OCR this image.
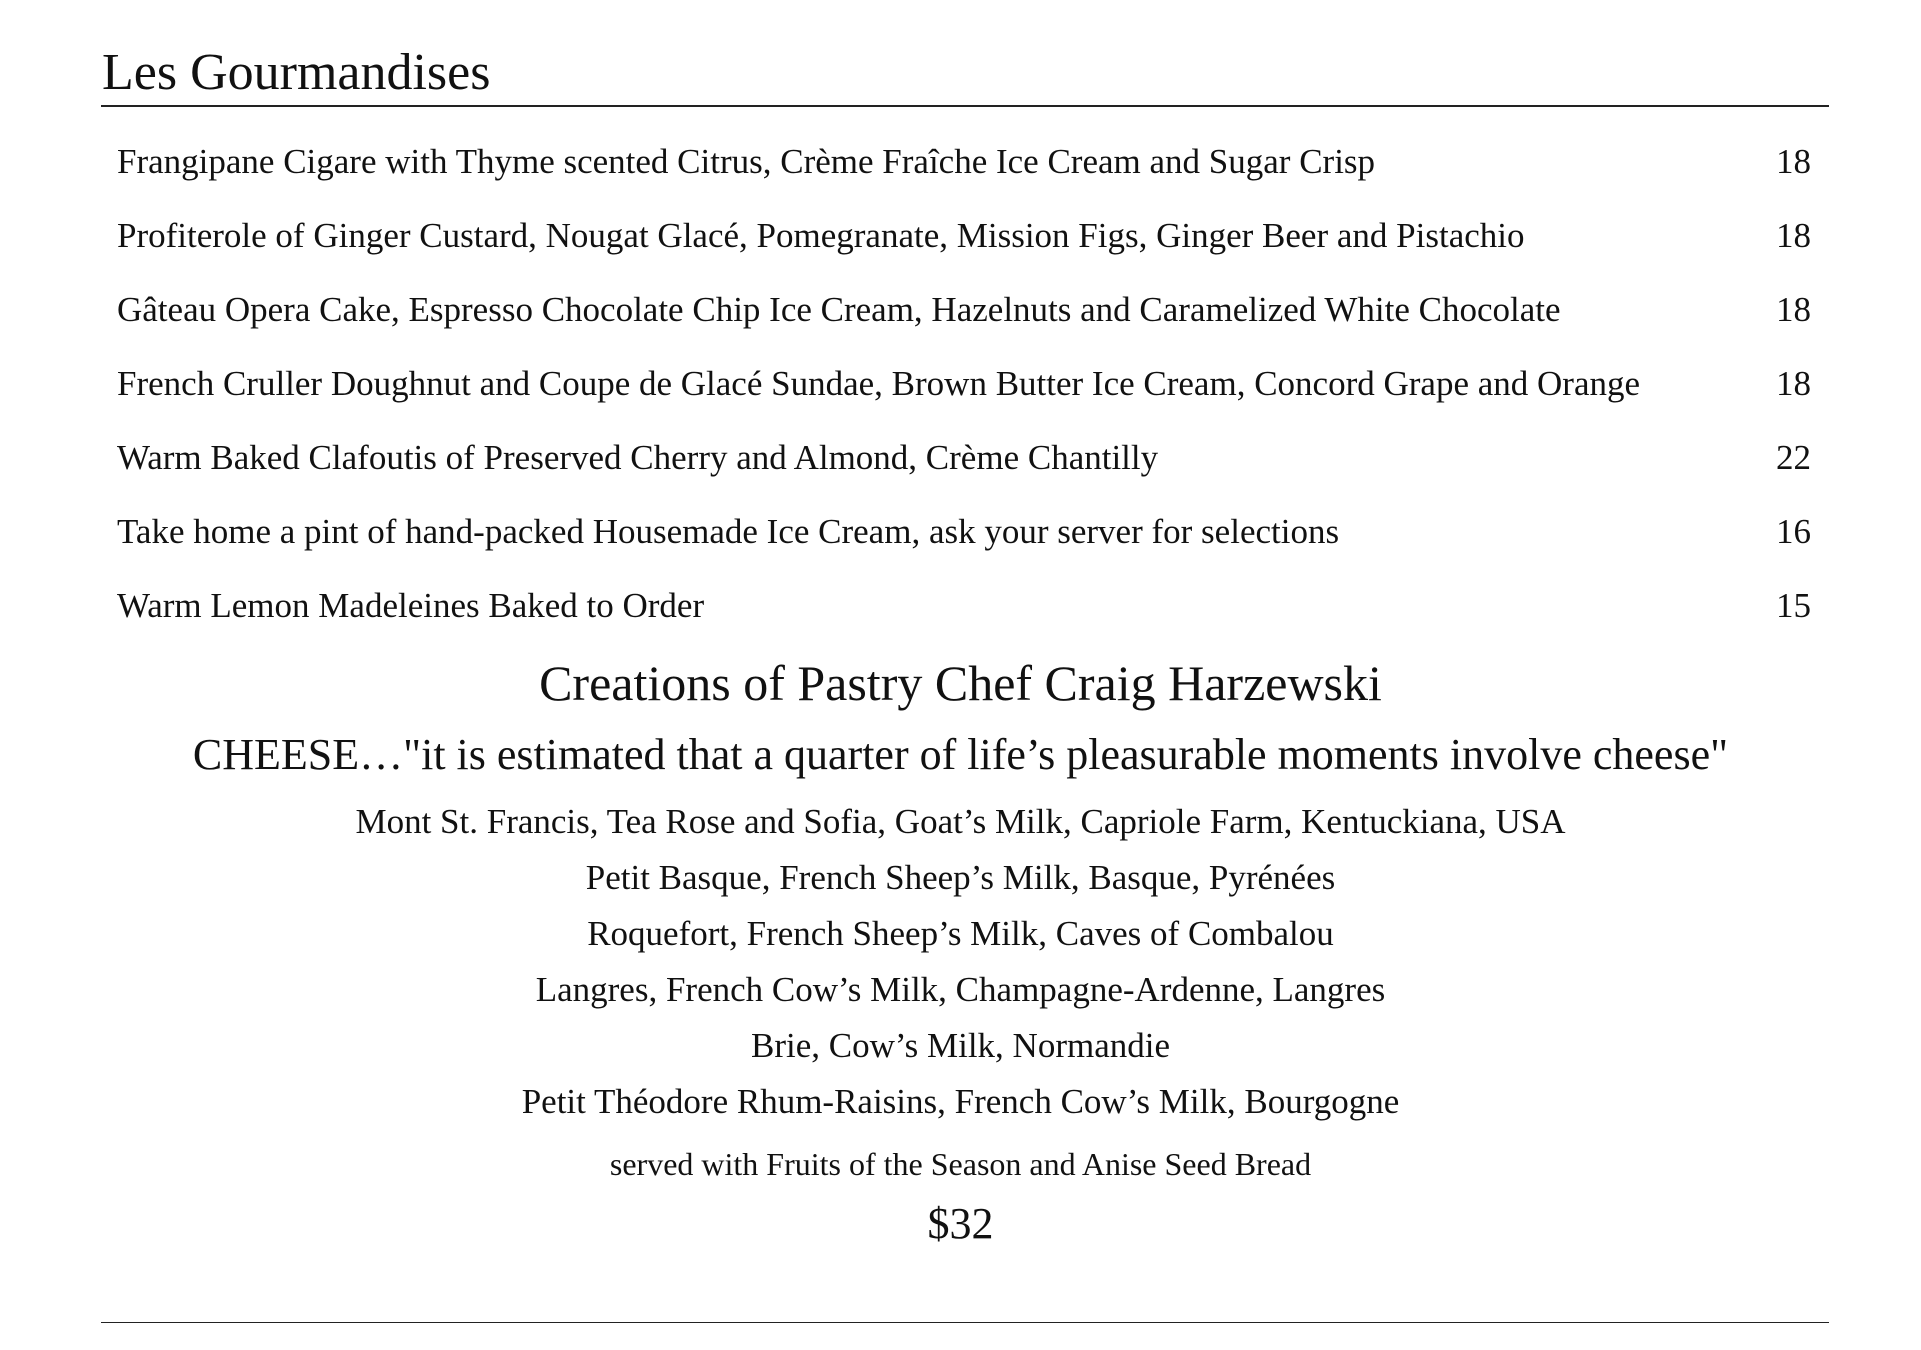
Les Gourmandises
Frangipane Cigare with Thyme scented Citrus, Crème Fraîche Ice Cream and Sugar Crisp	18
Profiterole of Ginger Custard, Nougat Glacé, Pomegranate, Mission Figs, Ginger Beer and Pistachio	18
Gâteau Opera Cake, Espresso Chocolate Chip Ice Cream, Hazelnuts and Caramelized White Chocolate	18
French Cruller Doughnut and Coupe de Glacé Sundae, Brown Butter Ice Cream, Concord Grape and Orange	18
Warm Baked Clafoutis of Preserved Cherry and Almond, Crème Chantilly	22
Take home a pint of hand-packed Housemade Ice Cream, ask your server for selections	16
Warm Lemon Madeleines Baked to Order	15
Creations of Pastry Chef Craig Harzewski
CHEESE…"it is estimated that a quarter of life’s pleasurable moments involve cheese"
Mont St. Francis, Tea Rose and Sofia, Goat’s Milk, Capriole Farm, Kentuckiana, USA
Petit Basque, French Sheep’s Milk, Basque, Pyrénées
Roquefort, French Sheep’s Milk, Caves of Combalou
Langres, French Cow’s Milk, Champagne-Ardenne, Langres
Brie, Cow’s Milk, Normandie
Petit Théodore Rhum-Raisins, French Cow’s Milk, Bourgogne
served with Fruits of the Season and Anise Seed Bread
$32
